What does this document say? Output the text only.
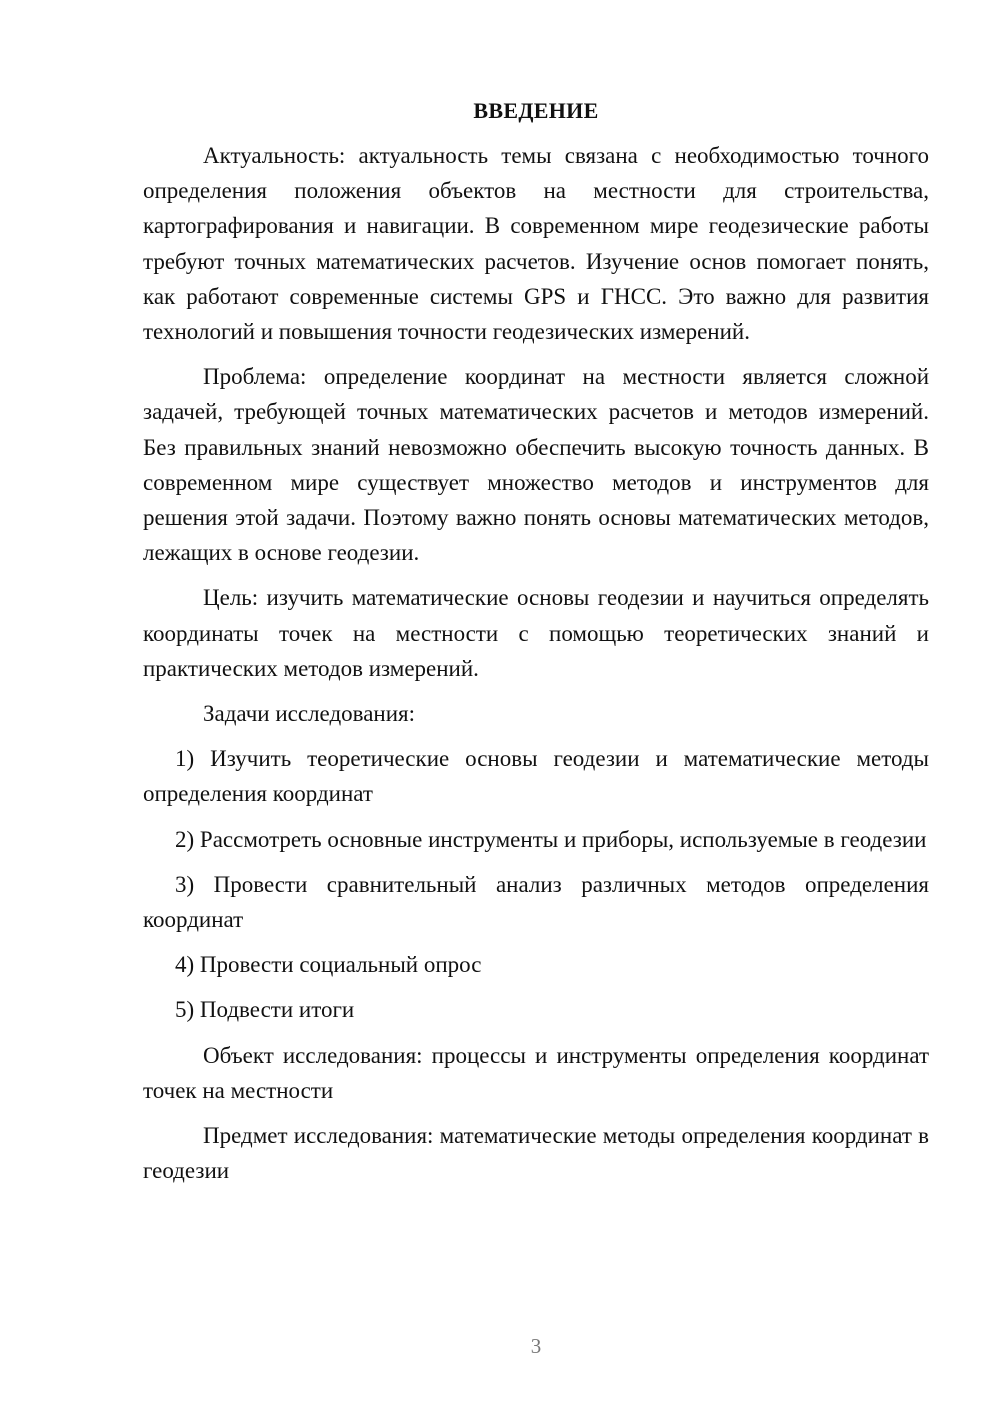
ВВЕДЕНИЕ

Актуальность: актуальность темы связана с необходимостью точного определения положения объектов на местности для строительства, картографирования и навигации. В современном мире геодезические работы требуют точных математических расчетов. Изучение основ помогает понять, как работают современные системы GPS и ГНСС. Это важно для развития технологий и повышения точности геодезических измерений.

Проблема: определение координат на местности является сложной задачей, требующей точных математических расчетов и методов измерений. Без правильных знаний невозможно обеспечить высокую точность данных. В современном мире существует множество методов и инструментов для решения этой задачи. Поэтому важно понять основы математических методов, лежащих в основе геодезии.

Цель: изучить математические основы геодезии и научиться определять координаты точек на местности с помощью теоретических знаний и практических методов измерений.

Задачи исследования:

1) Изучить теоретические основы геодезии и математические методы определения координат

2) Рассмотреть основные инструменты и приборы, используемые в геодезии

3) Провести сравнительный анализ различных методов определения координат

4) Провести социальный опрос

5) Подвести итоги

Объект исследования: процессы и инструменты определения координат точек на местности

Предмет исследования: математические методы определения координат в геодезии

3
